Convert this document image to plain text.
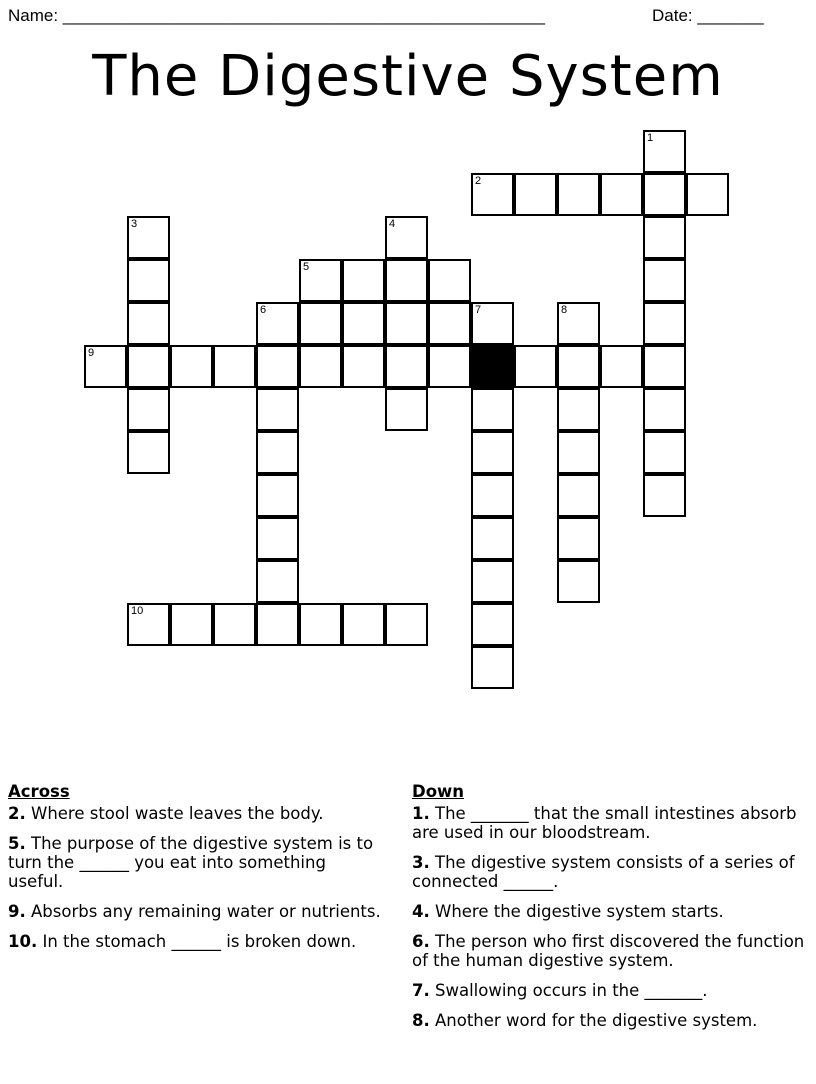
Name: ___________________________________________________	Date: _______
The Digestive System
1
2
3	4
5
6	7	8
9
10
Across
2. Where stool waste leaves the body.
5. The purpose of the digestive system is to turn the ______ you eat into something useful.
9. Absorbs any remaining water or nutrients.
10. In the stomach ______ is broken down.
Down
1. The _______ that the small intestines absorb are used in our bloodstream.
3. The digestive system consists of a series of connected ______.
4. Where the digestive system starts.
6. The person who first discovered the function of the human digestive system.
7. Swallowing occurs in the _______.
8. Another word for the digestive system.
